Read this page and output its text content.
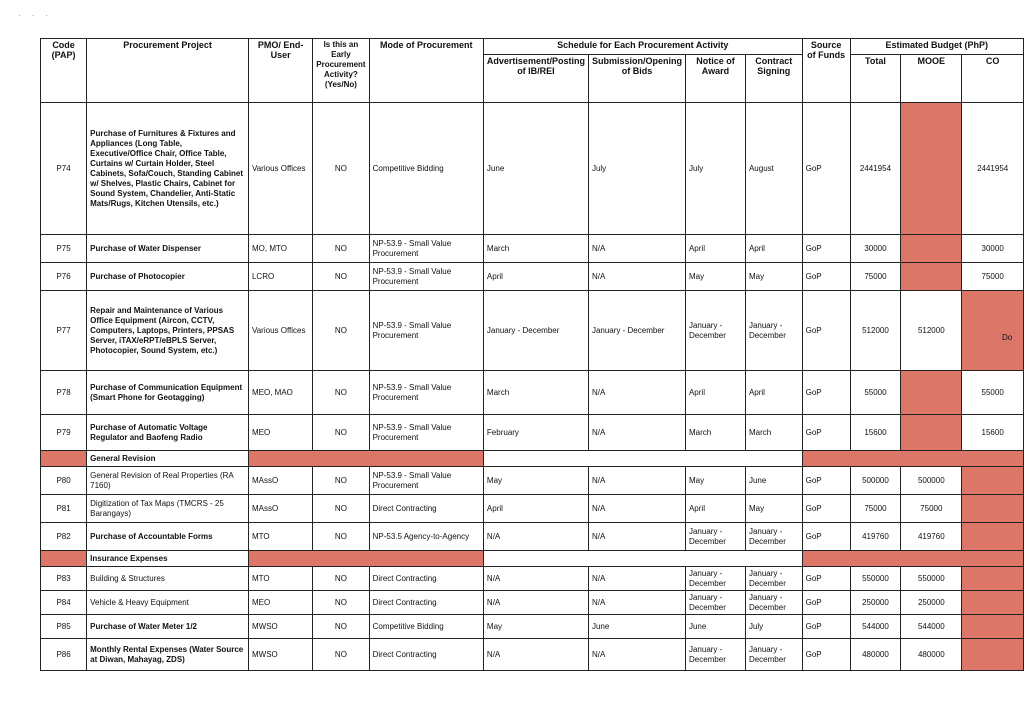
· · ·
Code (PAP)	Procurement Project	PMO/ End-User	Is this an Early Procurement Activity? (Yes/No)	Mode of Procurement	Schedule for Each Procurement Activity				Source of Funds	Estimated Budget (PhP)		
					Advertisement/Posting of IB/REI	Submission/Opening of Bids	Notice of Award	Contract Signing		Total	MOOE	CO
P74	Purchase of Furnitures & Fixtures and Appliances (Long Table, Executive/Office Chair, Office Table, Curtains w/ Curtain Holder, Steel Cabinets, Sofa/Couch, Standing Cabinet w/ Shelves, Plastic Chairs, Cabinet for Sound System, Chandelier, Anti-Static Mats/Rugs, Kitchen Utensils, etc.)	Various Offices	NO	Competitive Bidding	June	July	July	August	GoP	2441954		2441954
P75	Purchase of Water Dispenser	MO, MTO	NO	NP-53.9 - Small Value Procurement	March	N/A	April	April	GoP	30000		30000
P76	Purchase of Photocopier	LCRO	NO	NP-53.9 - Small Value Procurement	April	N/A	May	May	GoP	75000		75000
P77	Repair and Maintenance of Various Office Equipment (Aircon, CCTV, Computers, Laptops, Printers, PPSAS Server, iTAX/eRPT/eBPLS Server, Photocopier, Sound System, etc.)	Various Offices	NO	NP-53.9 - Small Value Procurement	January - December	January - December	January - December	January - December	GoP	512000	512000	
P78	Purchase of Communication Equipment (Smart Phone for Geotagging)	MEO, MAO	NO	NP-53.9 - Small Value Procurement	March	N/A	April	April	GoP	55000		55000
P79	Purchase of Automatic Voltage Regulator and Baofeng Radio	MEO	NO	NP-53.9 - Small Value Procurement	February	N/A	March	March	GoP	15600		15600
	General Revision											
P80	General Revision of Real Properties (RA 7160)	MAssO	NO	NP-53.9 - Small Value Procurement	May	N/A	May	June	GoP	500000	500000	
P81	Digitization of Tax Maps (TMCRS - 25 Barangays)	MAssO	NO	Direct Contracting	April	N/A	April	May	GoP	75000	75000	
P82	Purchase of Accountable Forms	MTO	NO	NP-53.5 Agency-to-Agency	N/A	N/A	January - December	January - December	GoP	419760	419760	
	Insurance Expenses											
P83	Building & Structures	MTO	NO	Direct Contracting	N/A	N/A	January - December	January - December	GoP	550000	550000	
P84	Vehicle & Heavy Equipment	MEO	NO	Direct Contracting	N/A	N/A	January - December	January - December	GoP	250000	250000	
P85	Purchase of Water Meter 1/2	MWSO	NO	Competitive Bidding	May	June	June	July	GoP	544000	544000	
P86	Monthly Rental Expenses (Water Source at Diwan, Mahayag, ZDS)	MWSO	NO	Direct Contracting	N/A	N/A	January - December	January - December	GoP	480000	480000	
Do
